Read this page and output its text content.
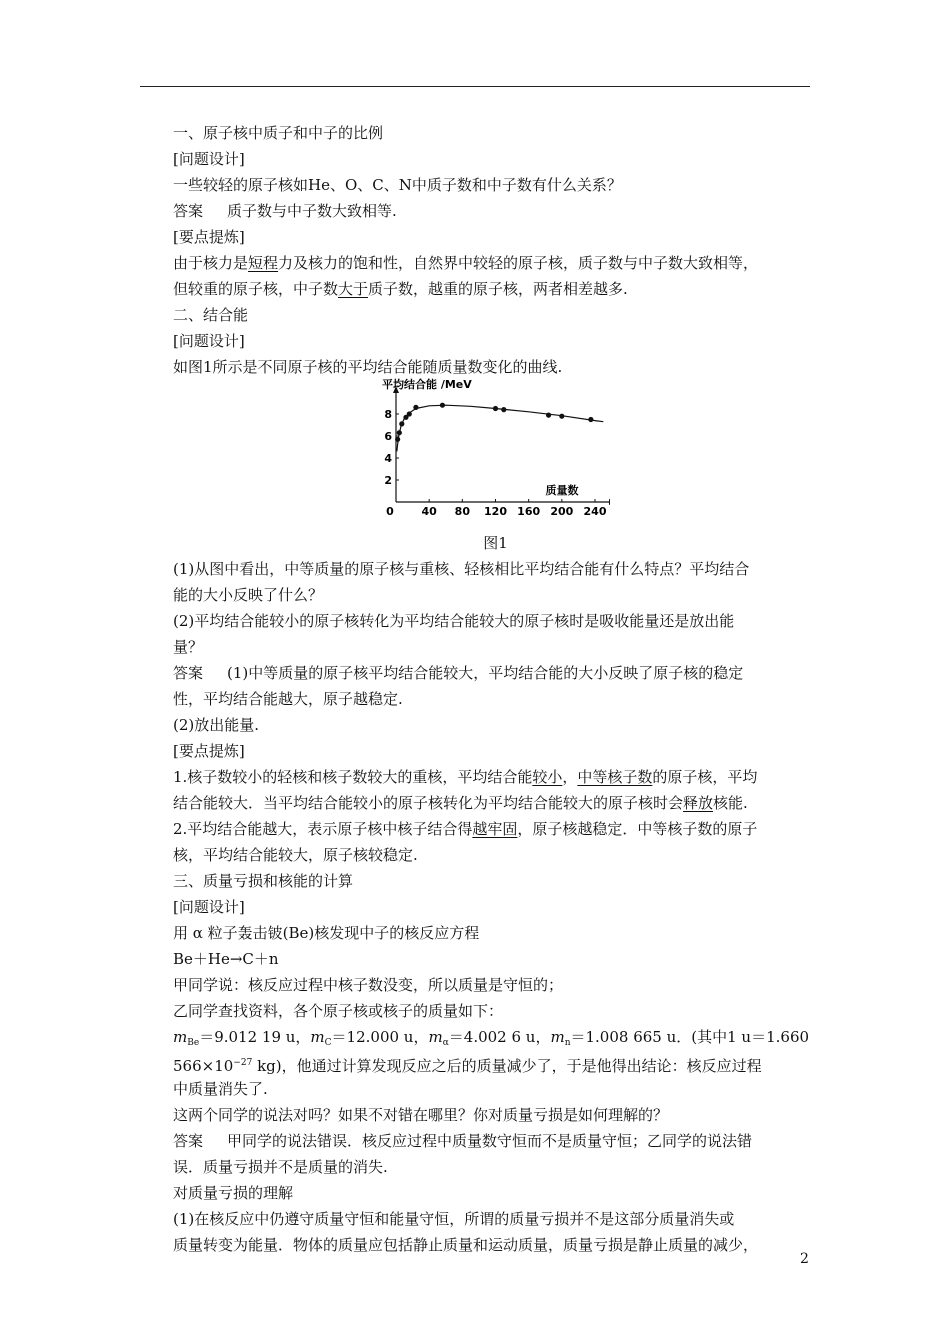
一、原子核中质子和中子的比例
[问题设计]
一些较轻的原子核如He、O、C、N中质子数和中子数有什么关系？
答案 质子数与中子数大致相等.
[要点提炼]
由于核力是短程力及核力的饱和性，自然界中较轻的原子核，质子数与中子数大致相等，
但较重的原子核，中子数大于质子数，越重的原子核，两者相差越多.
二、结合能
[问题设计]
如图1所示是不同原子核的平均结合能随质量数变化的曲线.
平均结合能 /MeV
质量数
2
4
6
8
0	40 80 120 160 200 240
图1
(1)从图中看出，中等质量的原子核与重核、轻核相比平均结合能有什么特点？平均结合
能的大小反映了什么？
(2)平均结合能较小的原子核转化为平均结合能较大的原子核时是吸收能量还是放出能
量？
答案 (1)中等质量的原子核平均结合能较大，平均结合能的大小反映了原子核的稳定
性，平均结合能越大，原子越稳定.
(2)放出能量.
[要点提炼]
1.核子数较小的轻核和核子数较大的重核，平均结合能较小，中等核子数的原子核，平均
结合能较大．当平均结合能较小的原子核转化为平均结合能较大的原子核时会释放核能.
2.平均结合能越大，表示原子核中核子结合得越牢固，原子核越稳定．中等核子数的原子
核，平均结合能较大，原子核较稳定.
三、质量亏损和核能的计算
[问题设计]
用 α 粒子轰击铍(Be)核发现中子的核反应方程
Be＋He→C＋n
甲同学说：核反应过程中核子数没变，所以质量是守恒的；
乙同学查找资料，各个原子核或核子的质量如下：
$m_{Be}=9.012$ 19 u，$m_C=12.000$ u，$m_\alpha=4.002$ 6 u，$m_n=1.008$ 665 u．(其中1 u＝1.660
$566\times 10^{-27}$ kg)，他通过计算发现反应之后的质量减少了，于是他得出结论：核反应过程
中质量消失了.
这两个同学的说法对吗？如果不对错在哪里？你对质量亏损是如何理解的？
答案 甲同学的说法错误．核反应过程中质量数守恒而不是质量守恒；乙同学的说法错
误．质量亏损并不是质量的消失.
对质量亏损的理解
(1)在核反应中仍遵守质量守恒和能量守恒，所谓的质量亏损并不是这部分质量消失或
质量转变为能量．物体的质量应包括静止质量和运动质量，质量亏损是静止质量的减少，
2
